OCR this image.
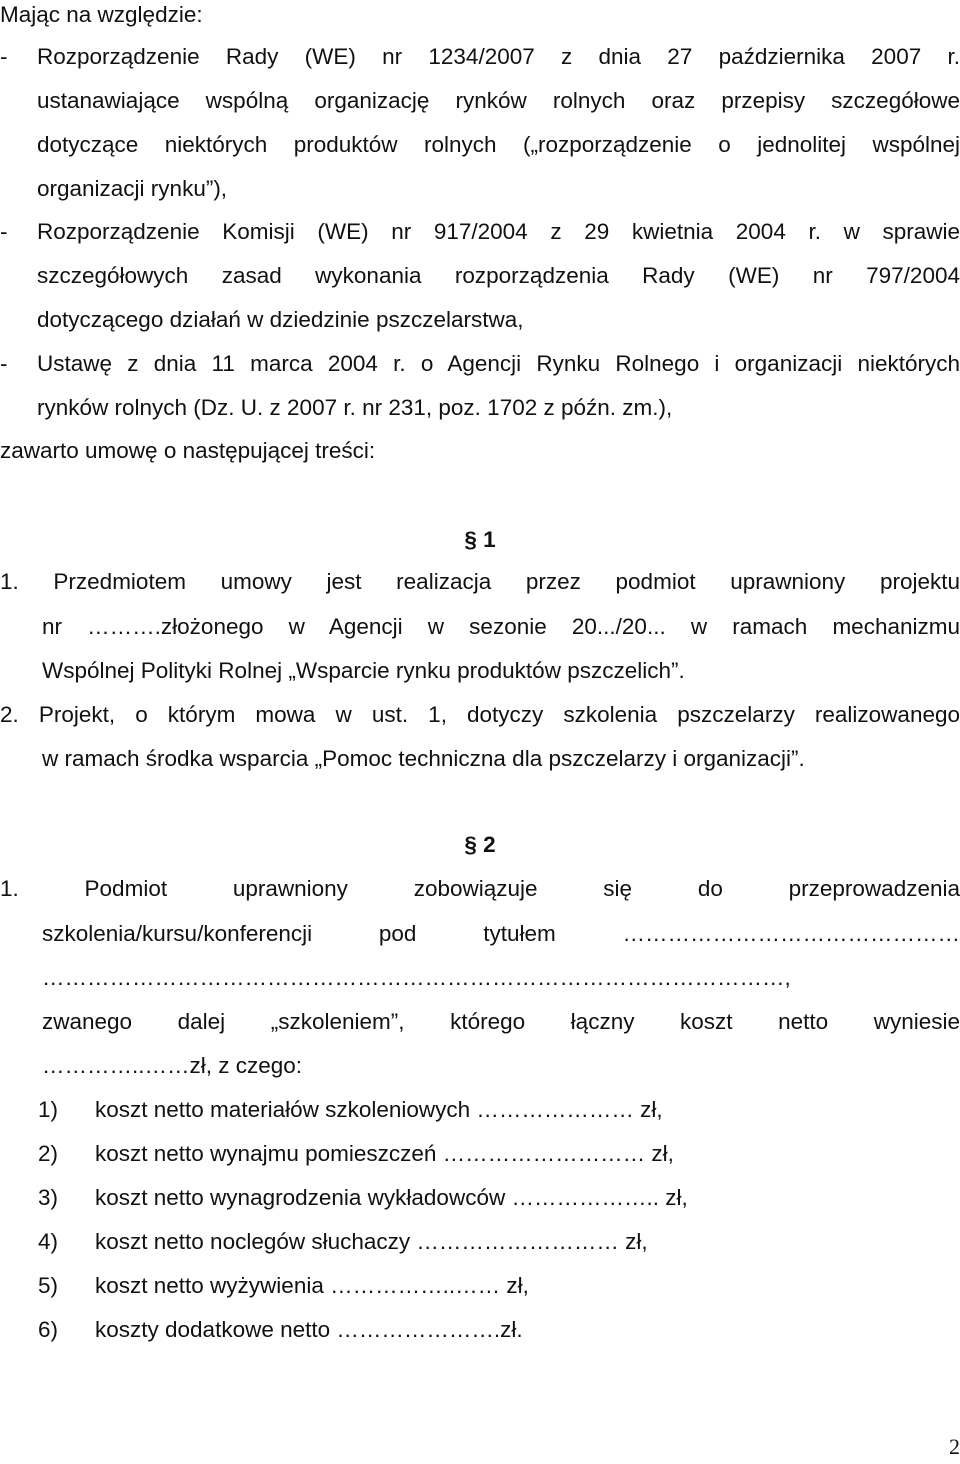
Mając na względzie:
-	Rozporządzenie Rady (WE) nr 1234/2007 z dnia 27 października 2007 r.
ustanawiające wspólną organizację rynków rolnych oraz przepisy szczegółowe
dotyczące niektórych produktów rolnych („rozporządzenie o jednolitej wspólnej
organizacji rynku”),
-	Rozporządzenie Komisji (WE) nr 917/2004 z 29 kwietnia 2004 r. w sprawie
szczegółowych zasad wykonania rozporządzenia Rady (WE) nr 797/2004
dotyczącego działań w dziedzinie pszczelarstwa,
-	Ustawę z dnia 11 marca 2004 r. o Agencji Rynku Rolnego i organizacji niektórych
rynków rolnych (Dz. U. z 2007 r. nr 231, poz. 1702 z późn. zm.),
zawarto umowę o następującej treści:
§ 1
1. Przedmiotem umowy jest realizacja przez podmiot uprawniony projektu
nr ……….złożonego w Agencji w sezonie 20.../20... w ramach mechanizmu
Wspólnej Polityki Rolnej „Wsparcie rynku produktów pszczelich”.
2. Projekt, o którym mowa w ust. 1, dotyczy szkolenia pszczelarzy realizowanego
w ramach środka wsparcia „Pomoc techniczna dla pszczelarzy i organizacji”.
§ 2
1. Podmiot uprawniony zobowiązuje się do przeprowadzenia
szkolenia/kursu/konferencji pod tytułem ………………………………………
………………………………………………………………………………………,
zwanego dalej „szkoleniem”, którego łączny koszt netto wyniesie
…………..……zł, z czego:
1) koszt netto materiałów szkoleniowych ………………… zł,
2) koszt netto wynajmu pomieszczeń ……………………… zł,
3) koszt netto wynagrodzenia wykładowców ……………….. zł,
4) koszt netto noclegów słuchaczy ……………………… zł,
5) koszt netto wyżywienia ……………..…… zł,
6) koszty dodatkowe netto ………………….zł.
2
